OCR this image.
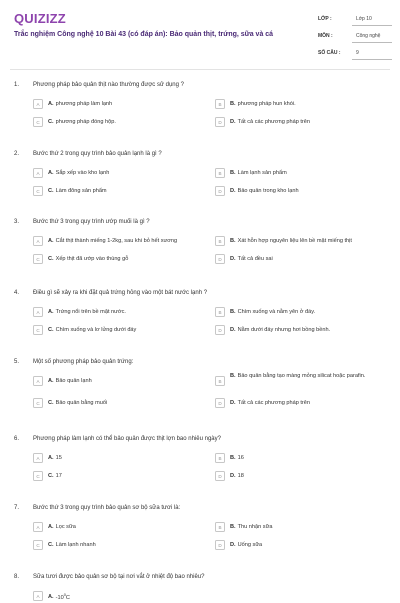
QUIZIZZ
Trắc nghiệm Công nghệ 10 Bài 43 (có đáp án): Bảo quản thịt, trứng, sữa và cá
LỚP :	Lớp 10
MÔN :	Công nghệ
SỐ CÂU :	9
1. Phương pháp bảo quản thịt nào thường được sử dụng ?
A	A. phương pháp làm lạnh	B	B. phương pháp hun khói.
C	C. phương pháp đóng hộp.	D	D. Tất cả các phương pháp trên
2. Bước thứ 2 trong quy trình bảo quản lạnh là gì ?
A	A. Sắp xếp vào kho lạnh	B	B. Làm lạnh sản phẩm
C	C. Làm đông sản phẩm	D	D. Bảo quản trong kho lạnh
3. Bước thứ 3 trong quy trình ướp muối là gì ?
A	A. Cắt thịt thành miếng 1-2kg, sau khi bỏ hết xương	B	B. Xát hỗn hợp nguyên liệu lên bề mặt miếng thịt
C	C. Xếp thịt đã ướp vào thùng gỗ	D	D. Tất cả đều sai
4. Điều gì sẽ xảy ra khi đặt quả trứng hỏng vào một bát nước lạnh ?
A	A. Trứng nổi trên bề mặt nước.	B	B. Chìm xuống và nằm yên ở đáy.
C	C. Chìm xuống và lơ lửng dưới đáy	D	D. Nằm dưới đáy nhưng hơi bồng bềnh.
5. Một số phương pháp bảo quản trứng:
A	A. Bảo quản lạnh	B
B. Bảo quản bằng tạo màng mỏng silicat hoặc parafin.
C	C. Bảo quản bằng muối	D	D. Tất cả các phương pháp trên
6. Phương pháp làm lạnh có thể bảo quản được thịt lợn bao nhiêu ngày?
A	A. 15	B	B. 16
C	C. 17	D	D. 18
7. Bước thứ 3 trong quy trình bảo quản sơ bộ sữa tươi là:
A	A. Lọc sữa	B	B. Thu nhận sữa
C	C. Làm lạnh nhanh	D	D. Uống sữa
8. Sữa tươi được bảo quản sơ bộ tại nơi vắt ở nhiệt độ bao nhiêu?
A	A. $-10^0C$
